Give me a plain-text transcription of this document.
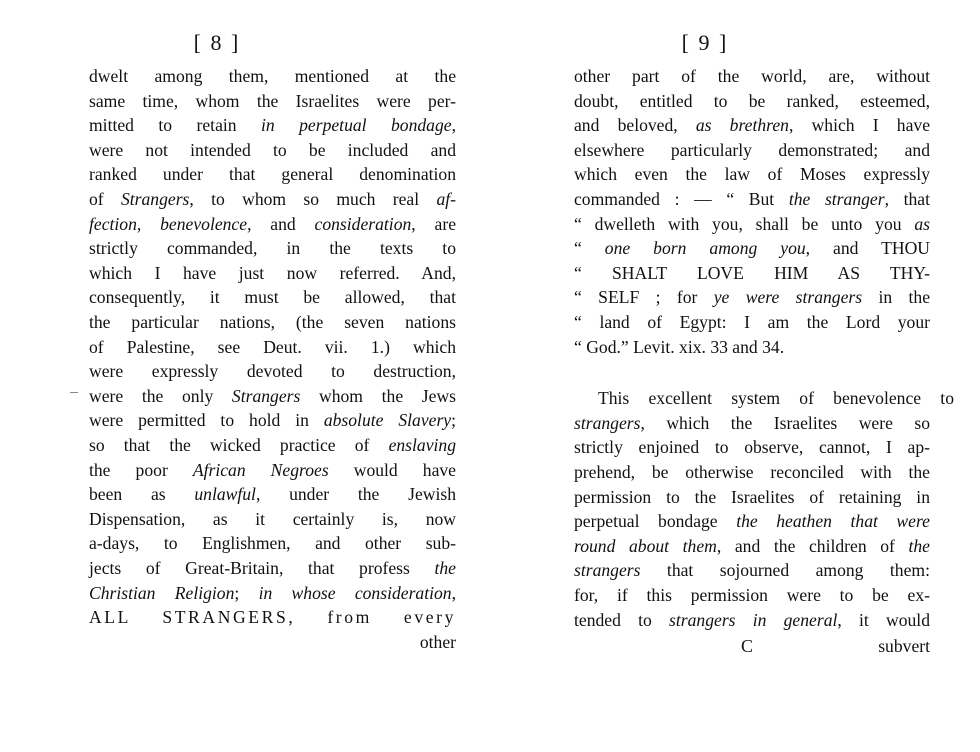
[ 8 ]
dwelt among them, mentioned at the
same time, whom the Israelites were per-
mitted to retain in perpetual bondage,
were not intended to be included and
ranked under that general denomination
of Strangers, to whom so much real af-
fection, benevolence, and consideration, are
strictly commanded, in the texts to
which I have just now referred. And,
consequently, it must be allowed, that
the particular nations, (the seven nations
of Palestine, see Deut. vii. 1.) which
were expressly devoted to destruction,
were the only Strangers whom the Jews
were permitted to hold in absolute Slavery;
so that the wicked practice of enslaving
the poor African Negroes would have
been as unlawful, under the Jewish
Dispensation, as it certainly is, now
a-days, to Englishmen, and other sub-
jects of Great-Britain, that profess the
Christian Religion; in whose consideration,
ALL STRANGERS, from every
other
[ 9 ]
other part of the world, are, without
doubt, entitled to be ranked, esteemed,
and beloved, as brethren, which I have
elsewhere particularly demonstrated; and
which even the law of Moses expressly
commanded : — “ But the stranger, that
“ dwelleth with you, shall be unto you as
“ one born among you, and THOU
“ SHALT LOVE HIM AS THY-
“ SELF ; for ye were strangers in the
“ land of Egypt: I am the Lord your
“ God.” Levit. xix. 33 and 34.
This excellent system of benevolence to
strangers, which the Israelites were so
strictly enjoined to observe, cannot, I ap-
prehend, be otherwise reconciled with the
permission to the Israelites of retaining in
perpetual bondage the heathen that were
round about them, and the children of the
strangers that sojourned among them:
for, if this permission were to be ex-
tended to strangers in general, it would
subvert
C
